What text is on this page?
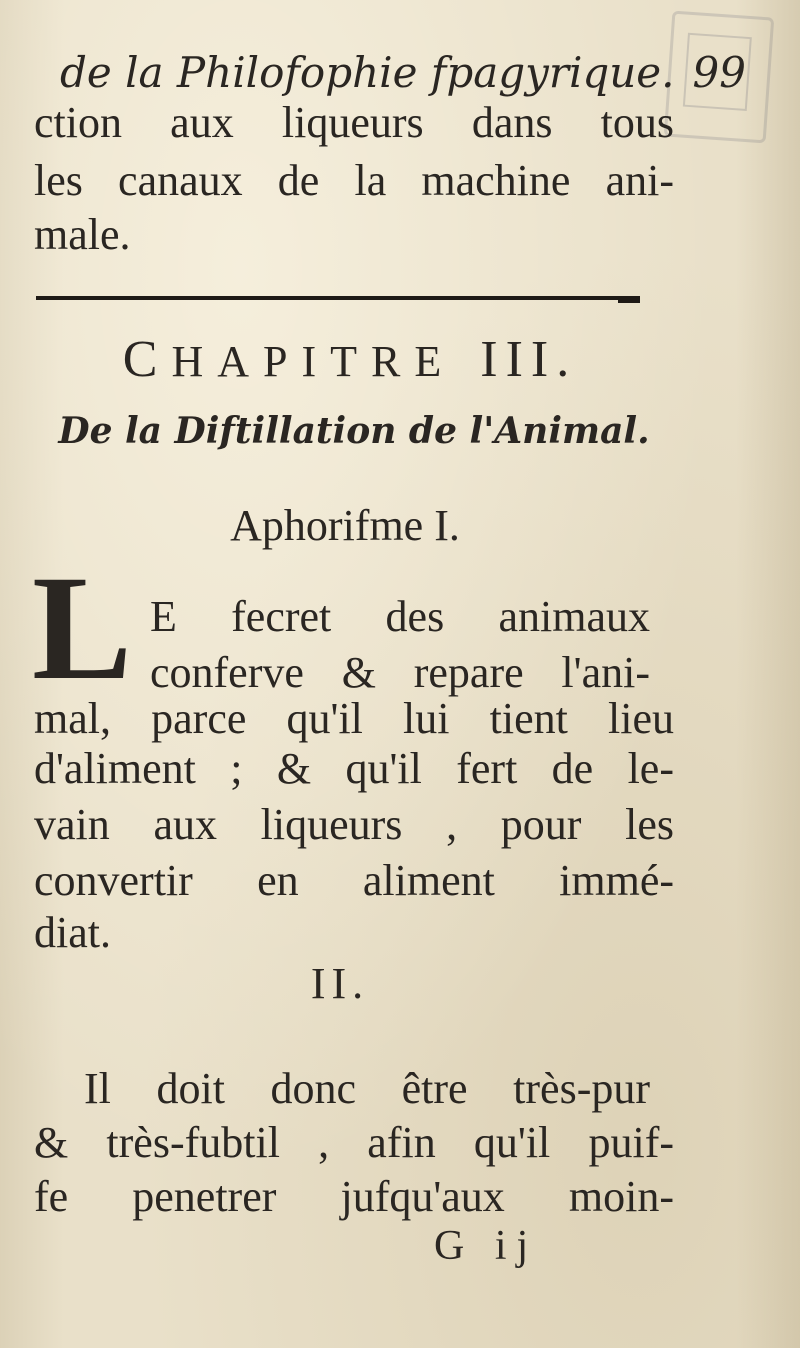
de la Philofophie fpagyrique. 99
ction aux liqueurs dans tous
les canaux de la machine ani-
male.
CHAPITRE III.
De la Diftillation de l'Animal.
Aphorifme I.
L E fecret des animaux
conferve & repare l'ani-
mal, parce qu'il lui tient lieu
d'aliment ; & qu'il fert de le-
vain aux liqueurs , pour les
convertir en aliment immé-
diat.
II.
Il doit donc être très-pur
& très-fubtil , afin qu'il puif-
fe penetrer jufqu'aux moin-
G ij
